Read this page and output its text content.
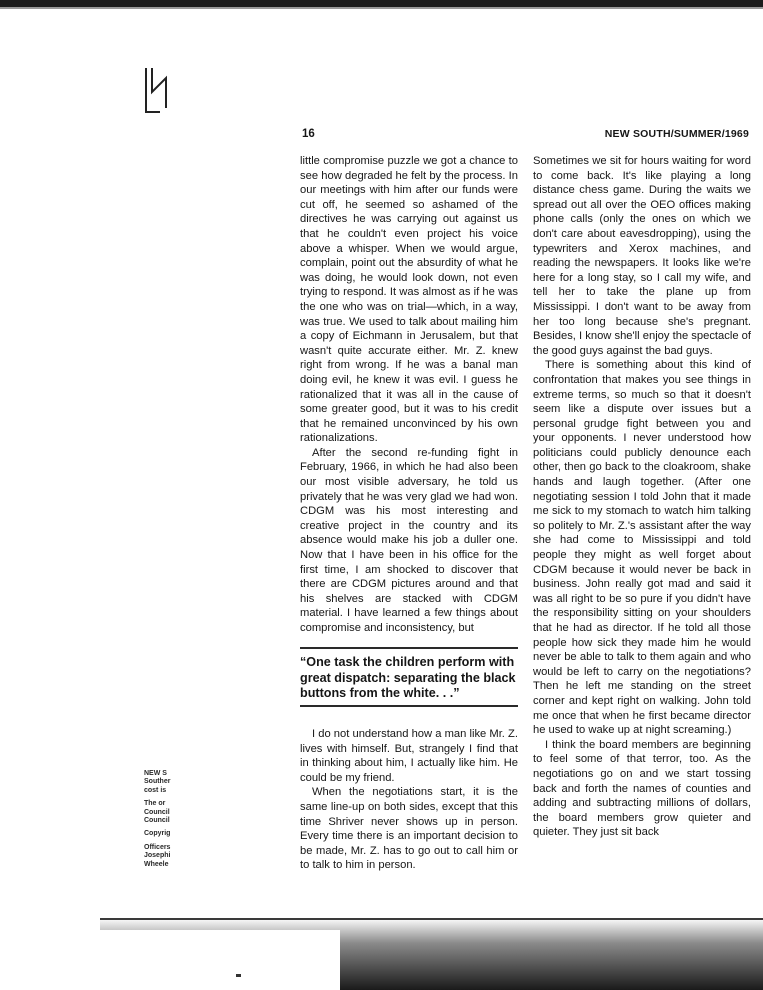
16	NEW SOUTH/SUMMER/1969

little compromise puzzle we got a chance to see how degraded he felt by the process. In our meetings with him after our funds were cut off, he seemed so ashamed of the directives he was carrying out against us that he couldn't even project his voice above a whisper. When we would argue, complain, point out the absurdity of what he was doing, he would look down, not even trying to respond. It was almost as if he was the one who was on trial—which, in a way, was true. We used to talk about mailing him a copy of Eichmann in Jerusalem, but that wasn't quite accurate either. Mr. Z. knew right from wrong. If he was a banal man doing evil, he knew it was evil. I guess he rationalized that it was all in the cause of some greater good, but it was to his credit that he remained unconvinced by his own rationalizations.

After the second re-funding fight in February, 1966, in which he had also been our most visible adversary, he told us privately that he was very glad we had won. CDGM was his most interesting and creative project in the country and its absence would make his job a duller one. Now that I have been in his office for the first time, I am shocked to discover that there are CDGM pictures around and that his shelves are stacked with CDGM material. I have learned a few things about compromise and inconsistency, but

“One task the children perform with great dispatch: separating the black buttons from the white. . .”

I do not understand how a man like Mr. Z. lives with himself. But, strangely I find that in thinking about him, I actually like him. He could be my friend.

When the negotiations start, it is the same line-up on both sides, except that this time Shriver never shows up in person. Every time there is an important decision to be made, Mr. Z. has to go out to call him or to talk to him in person.

Sometimes we sit for hours waiting for word to come back. It's like playing a long distance chess game. During the waits we spread out all over the OEO offices making phone calls (only the ones on which we don't care about eavesdropping), using the typewriters and Xerox machines, and reading the newspapers. It looks like we're here for a long stay, so I call my wife, and tell her to take the plane up from Mississippi. I don't want to be away from her too long because she's pregnant. Besides, I know she'll enjoy the spectacle of the good guys against the bad guys.

There is something about this kind of confrontation that makes you see things in extreme terms, so much so that it doesn't seem like a dispute over issues but a personal grudge fight between you and your opponents. I never understood how politicians could publicly denounce each other, then go back to the cloakroom, shake hands and laugh together. (After one negotiating session I told John that it made me sick to my stomach to watch him talking so politely to Mr. Z.'s assistant after the way she had come to Mississippi and told people they might as well forget about CDGM because it would never be back in business. John really got mad and said it was all right to be so pure if you didn't have the responsibility sitting on your shoulders that he had as director. If he told all those people how sick they made him he would never be able to talk to them again and who would be left to carry on the negotiations? Then he left me standing on the street corner and kept right on walking. John told me once that when he first became director he used to wake up at night screaming.)

I think the board members are beginning to feel some of that terror, too. As the negotiations go on and we start tossing back and forth the names of counties and adding and subtracting millions of dollars, the board members grow quieter and quieter. They just sit back

NEW S
Souther
cost is
The or
Council
Council
Copyrig
Officers
Josephi
Wheele
